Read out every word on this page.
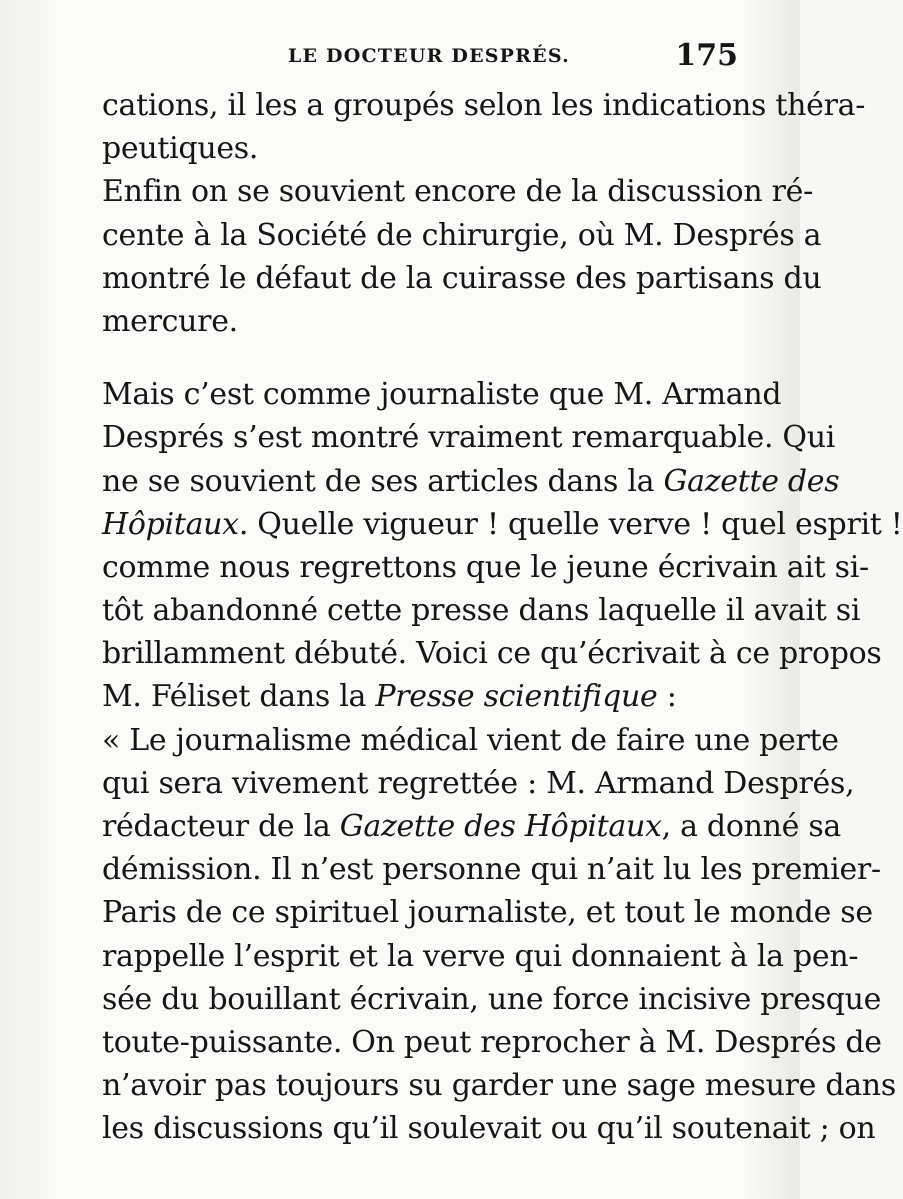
LE DOCTEUR DESPRÉS.	175
cations, il les a groupés selon les indications théra-
peutiques.
Enfin on se souvient encore de la discussion ré-
cente à la Société de chirurgie, où M. Després a
montré le défaut de la cuirasse des partisans du
mercure.
Mais c’est comme journaliste que M. Armand
Després s’est montré vraiment remarquable. Qui
ne se souvient de ses articles dans la Gazette des
Hôpitaux. Quelle vigueur ! quelle verve ! quel esprit !
comme nous regrettons que le jeune écrivain ait si-
tôt abandonné cette presse dans laquelle il avait si
brillamment débuté. Voici ce qu’écrivait à ce propos
M. Féliset dans la Presse scientifique :
« Le journalisme médical vient de faire une perte
qui sera vivement regrettée : M. Armand Després,
rédacteur de la Gazette des Hôpitaux, a donné sa
démission. Il n’est personne qui n’ait lu les premier-
Paris de ce spirituel journaliste, et tout le monde se
rappelle l’esprit et la verve qui donnaient à la pen-
sée du bouillant écrivain, une force incisive presque
toute-puissante. On peut reprocher à M. Després de
n’avoir pas toujours su garder une sage mesure dans
les discussions qu’il soulevait ou qu’il soutenait ; on
